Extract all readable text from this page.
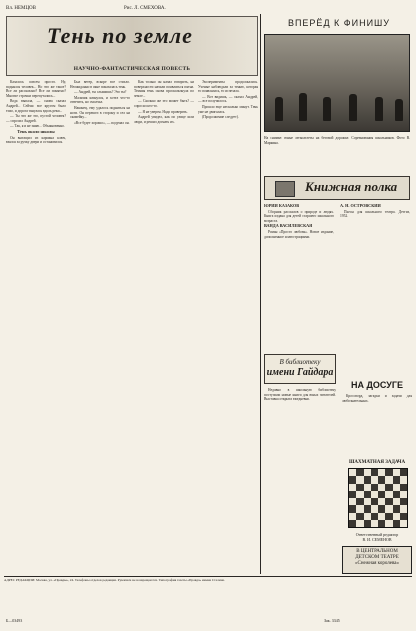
Вл. НЕМЦОВ	Рис. Л. СМЕХОВА.
Тень по земле
НАУЧНО-ФАНТАСТИЧЕСКАЯ ПОВЕСТЬ

Казалось совсем просто. Ну, поднялся человек... Но что же такое? Все ли рассказано? Все ли понятно? Многие строчки перепутались...

Вода выпала, — снова сказал Андрей... Сейчас все кругом было тихо, и дорога тянулась вдоль реки...

— Ты что же это, пустой человек? — спросил Андрей.

— Так, я и не знаю... Обыкновенно.

Тень около школы

Он вытащил из кармана ключ, взялся за ручку двери и остановился.

Был ветер, вскоре все стихло. Неожиданно в окне показалась тень.

— Андрей, ты слышишь? Это ты?

Мальчик качнулся, и хотел что-то ответить, но смолчал.

Наконец, ему удалось подняться на ноги. Он перешел в сторону и сел на скамейку...

«Все будет хорошо», — подумал он.

Как только он начал говорить, на поверхности начали появляться пятна. Темная тень снова проскользнула по земле...

— Сколько же это может быть? — спросил кто-то.

— Я не уверен. Надо проверить.

Андрей увидел, как по улице шли люди, и решил догнать их.

Эксперименты продолжались. Ученые наблюдали за тенью, которая то появлялась, то исчезала.

— Вот видишь, — сказал Андрей, — все получилось.

Прошло еще несколько минут. Тень уже не двигалась.

(Продолжение следует).

ВПЕРЁД К ФИНИШУ
На снимке: юные легкоатлеты на беговой дорожке. Соревнования школьников. Фото В. Маркина.
Книжная полка

ЮРИЙ КАЗАКОВ

Сборник рассказов о природе и людях. Книга издана для детей старшего школьного возраста.

ВАНДА ВАСИЛЕВСКАЯ

Роман «Просто любовь». Новое издание, дополненное иллюстрациями.

А. Н. ОСТРОВСКИЙ

Пьесы для школьного театра. Детгиз, 1952.

В библиотеку
имени Гайдара

Недавно в школьную библиотеку поступили новые книги для юных читателей. Выставка открыта ежедневно.

НА ДОСУГЕ

Кроссворд, загадки и задачи для любознательных.

ШАХМАТНАЯ ЗАДАЧА
Ответственный редактор
В. И. СЕМЕНОВ
В ЦЕНТРАЛЬНОМ
ДЕТСКОМ ТЕАТРЕ
«Снежная королева»
АДРЕС РЕДАКЦИИ: Москва, ул. «Правды», 24. Телефоны отделов редакции. Рукописи не возвращаются. Типография газеты «Правда» имени Сталина.
Б—03493	Зак. 3345
